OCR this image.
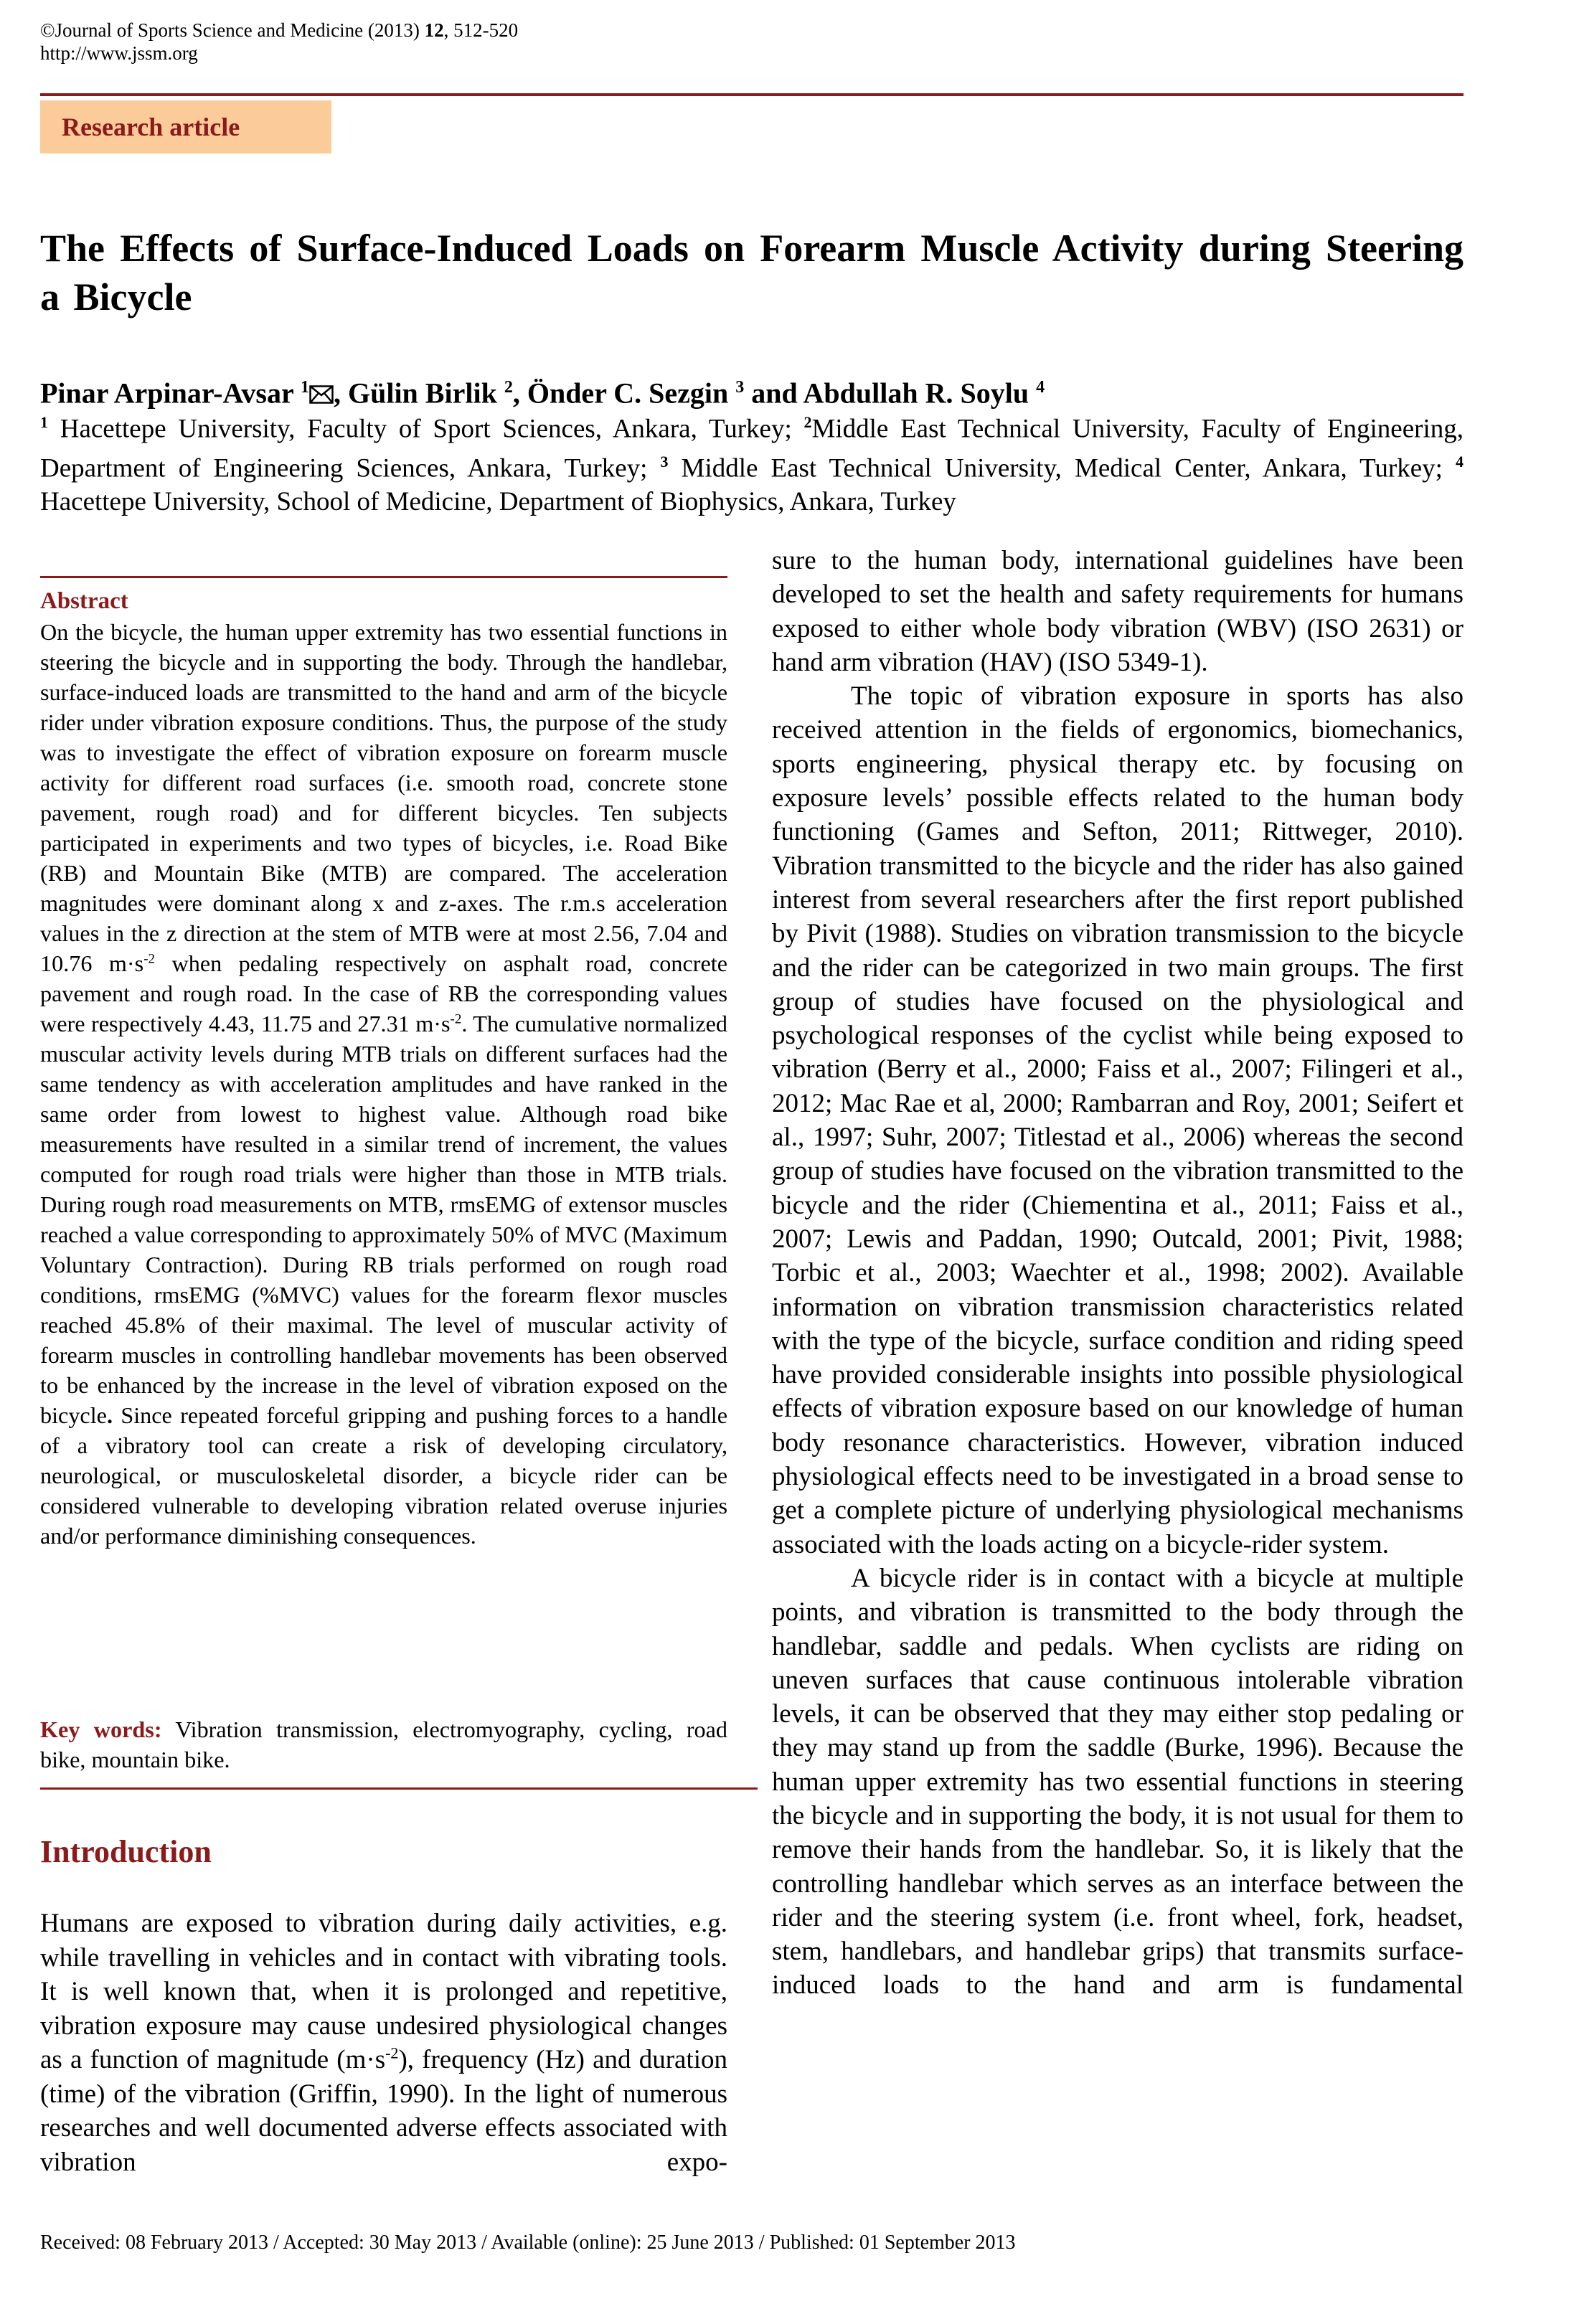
©Journal of Sports Science and Medicine (2013) 12, 512-520
http://www.jssm.org
Research article
The Effects of Surface-Induced Loads on Forearm Muscle Activity during Steering a Bicycle
Pinar Arpinar-Avsar $^1$ , Gülin Birlik $^2$, Önder C. Sezgin $^3$ and Abdullah R. Soylu $^4$
$^1$ Hacettepe University, Faculty of Sport Sciences, Ankara, Turkey; $^2$Middle East Technical University, Faculty of Engineering, Department of Engineering Sciences, Ankara, Turkey; $^3$ Middle East Technical University, Medical Center, Ankara, Turkey; $^4$ Hacettepe University, School of Medicine, Department of Biophysics, Ankara, Turkey
Abstract
On the bicycle, the human upper extremity has two essential functions in steering the bicycle and in supporting the body. Through the handlebar, surface-induced loads are transmitted to the hand and arm of the bicycle rider under vibration exposure conditions. Thus, the purpose of the study was to investigate the effect of vibration exposure on forearm muscle activity for different road surfaces (i.e. smooth road, concrete stone pavement, rough road) and for different bicycles. Ten subjects participated in experiments and two types of bicycles, i.e. Road Bike (RB) and Mountain Bike (MTB) are compared. The acceleration magnitudes were dominant along x and z-axes. The r.m.s acceleration values in the z direction at the stem of MTB were at most 2.56, 7.04 and 10.76 $m\cdot s^{-2}$ when pedaling respectively on asphalt road, concrete pavement and rough road. In the case of RB the corresponding values were respectively 4.43, 11.75 and 27.31 $m\cdot s^{-2}$. The cumulative normalized muscular activity levels during MTB trials on different surfaces had the same tendency as with acceleration amplitudes and have ranked in the same order from lowest to highest value. Although road bike measurements have resulted in a similar trend of increment, the values computed for rough road trials were higher than those in MTB trials. During rough road measurements on MTB, rmsEMG of extensor muscles reached a value corresponding to approximately 50% of MVC (Maximum Voluntary Contraction). During RB trials performed on rough road conditions, rmsEMG (%MVC) values for the forearm flexor muscles reached 45.8% of their maximal. The level of muscular activity of forearm muscles in controlling handlebar movements has been observed to be enhanced by the increase in the level of vibration exposed on the bicycle. Since repeated forceful gripping and pushing forces to a handle of a vibratory tool can create a risk of developing circulatory, neurological, or musculoskeletal disorder, a bicycle rider can be considered vulnerable to developing vibration related overuse injuries and/or performance diminishing consequences.
Key words: Vibration transmission, electromyography, cycling, road bike, mountain bike.
Introduction
Humans are exposed to vibration during daily activities, e.g. while travelling in vehicles and in contact with vibrating tools. It is well known that, when it is prolonged and repetitive, vibration exposure may cause undesired physiological changes as a function of magnitude $(m\cdot s^{-2})$, frequency (Hz) and duration (time) of the vibration (Griffin, 1990). In the light of numerous researches and well documented adverse effects associated with vibration expo-

sure to the human body, international guidelines have been developed to set the health and safety requirements for humans exposed to either whole body vibration (WBV) (ISO 2631) or hand arm vibration (HAV) (ISO 5349-1).

The topic of vibration exposure in sports has also received attention in the fields of ergonomics, biomechanics, sports engineering, physical therapy etc. by focusing on exposure levels’ possible effects related to the human body functioning (Games and Sefton, 2011; Rittweger, 2010). Vibration transmitted to the bicycle and the rider has also gained interest from several researchers after the first report published by Pivit (1988). Studies on vibration transmission to the bicycle and the rider can be categorized in two main groups. The first group of studies have focused on the physiological and psychological responses of the cyclist while being exposed to vibration (Berry et al., 2000; Faiss et al., 2007; Filingeri et al., 2012; Mac Rae et al, 2000; Rambarran and Roy, 2001; Seifert et al., 1997; Suhr, 2007; Titlestad et al., 2006) whereas the second group of studies have focused on the vibration transmitted to the bicycle and the rider (Chiementina et al., 2011; Faiss et al., 2007; Lewis and Paddan, 1990; Outcald, 2001; Pivit, 1988; Torbic et al., 2003; Waechter et al., 1998; 2002). Available information on vibration transmission characteristics related with the type of the bicycle, surface condition and riding speed have provided considerable insights into possible physiological effects of vibration exposure based on our knowledge of human body resonance characteristics. However, vibration induced physiological effects need to be investigated in a broad sense to get a complete picture of underlying physiological mechanisms associated with the loads acting on a bicycle-rider system.

A bicycle rider is in contact with a bicycle at multiple points, and vibration is transmitted to the body through the handlebar, saddle and pedals. When cyclists are riding on uneven surfaces that cause continuous intolerable vibration levels, it can be observed that they may either stop pedaling or they may stand up from the saddle (Burke, 1996). Because the human upper extremity has two essential functions in steering the bicycle and in supporting the body, it is not usual for them to remove their hands from the handlebar. So, it is likely that the controlling handlebar which serves as an interface between the rider and the steering system (i.e. front wheel, fork, headset, stem, handlebars, and handlebar grips) that transmits surface-induced loads to the hand and arm is fundamental

Received: 08 February 2013 / Accepted: 30 May 2013 / Available (online): 25 June 2013 / Published: 01 September 2013
